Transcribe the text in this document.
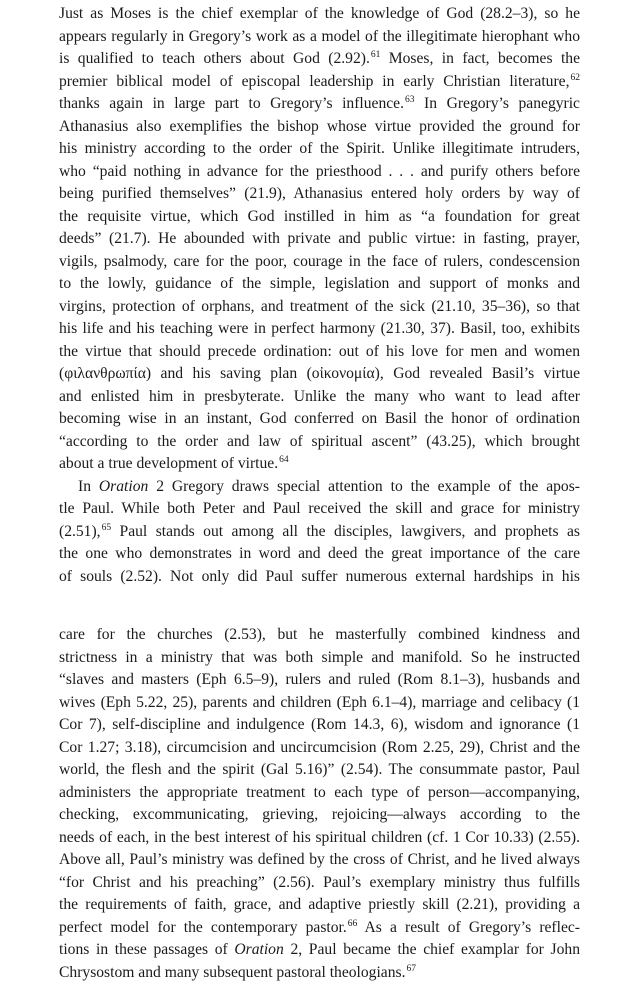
Just as Moses is the chief exemplar of the knowledge of God (28.2–3), so he
appears regularly in Gregory’s work as a model of the illegitimate hierophant who
is qualified to teach others about God (2.92).$^{61}$ Moses, in fact, becomes the
premier biblical model of episcopal leadership in early Christian literature,$^{62}$
thanks again in large part to Gregory’s influence.$^{63}$ In Gregory’s panegyric
Athanasius also exemplifies the bishop whose virtue provided the ground for
his ministry according to the order of the Spirit. Unlike illegitimate intruders,
who “paid nothing in advance for the priesthood . . . and purify others before
being purified themselves” (21.9), Athanasius entered holy orders by way of
the requisite virtue, which God instilled in him as “a foundation for great
deeds” (21.7). He abounded with private and public virtue: in fasting, prayer,
vigils, psalmody, care for the poor, courage in the face of rulers, condescension
to the lowly, guidance of the simple, legislation and support of monks and
virgins, protection of orphans, and treatment of the sick (21.10, 35–36), so that
his life and his teaching were in perfect harmony (21.30, 37). Basil, too, exhibits
the virtue that should precede ordination: out of his love for men and women
(φιλανθρωπία) and his saving plan (οἰκονομία), God revealed Basil’s virtue
and enlisted him in presbyterate. Unlike the many who want to lead after
becoming wise in an instant, God conferred on Basil the honor of ordination
“according to the order and law of spiritual ascent” (43.25), which brought
about a true development of virtue.$^{64}$
In Oration 2 Gregory draws special attention to the example of the apos-
tle Paul. While both Peter and Paul received the skill and grace for ministry
(2.51),$^{65}$ Paul stands out among all the disciples, lawgivers, and prophets as
the one who demonstrates in word and deed the great importance of the care
of souls (2.52). Not only did Paul suffer numerous external hardships in his
care for the churches (2.53), but he masterfully combined kindness and
strictness in a ministry that was both simple and manifold. So he instructed
“slaves and masters (Eph 6.5–9), rulers and ruled (Rom 8.1–3), husbands and
wives (Eph 5.22, 25), parents and children (Eph 6.1–4), marriage and celibacy (1
Cor 7), self-discipline and indulgence (Rom 14.3, 6), wisdom and ignorance (1
Cor 1.27; 3.18), circumcision and uncircumcision (Rom 2.25, 29), Christ and the
world, the flesh and the spirit (Gal 5.16)” (2.54). The consummate pastor, Paul
administers the appropriate treatment to each type of person—accompanying,
checking, excommunicating, grieving, rejoicing—always according to the
needs of each, in the best interest of his spiritual children (cf. 1 Cor 10.33) (2.55).
Above all, Paul’s ministry was defined by the cross of Christ, and he lived always
“for Christ and his preaching” (2.56). Paul’s exemplary ministry thus fulfills
the requirements of faith, grace, and adaptive priestly skill (2.21), providing a
perfect model for the contemporary pastor.$^{66}$ As a result of Gregory’s reflec-
tions in these passages of Oration 2, Paul became the chief examplar for John
Chrysostom and many subsequent pastoral theologians.$^{67}$
